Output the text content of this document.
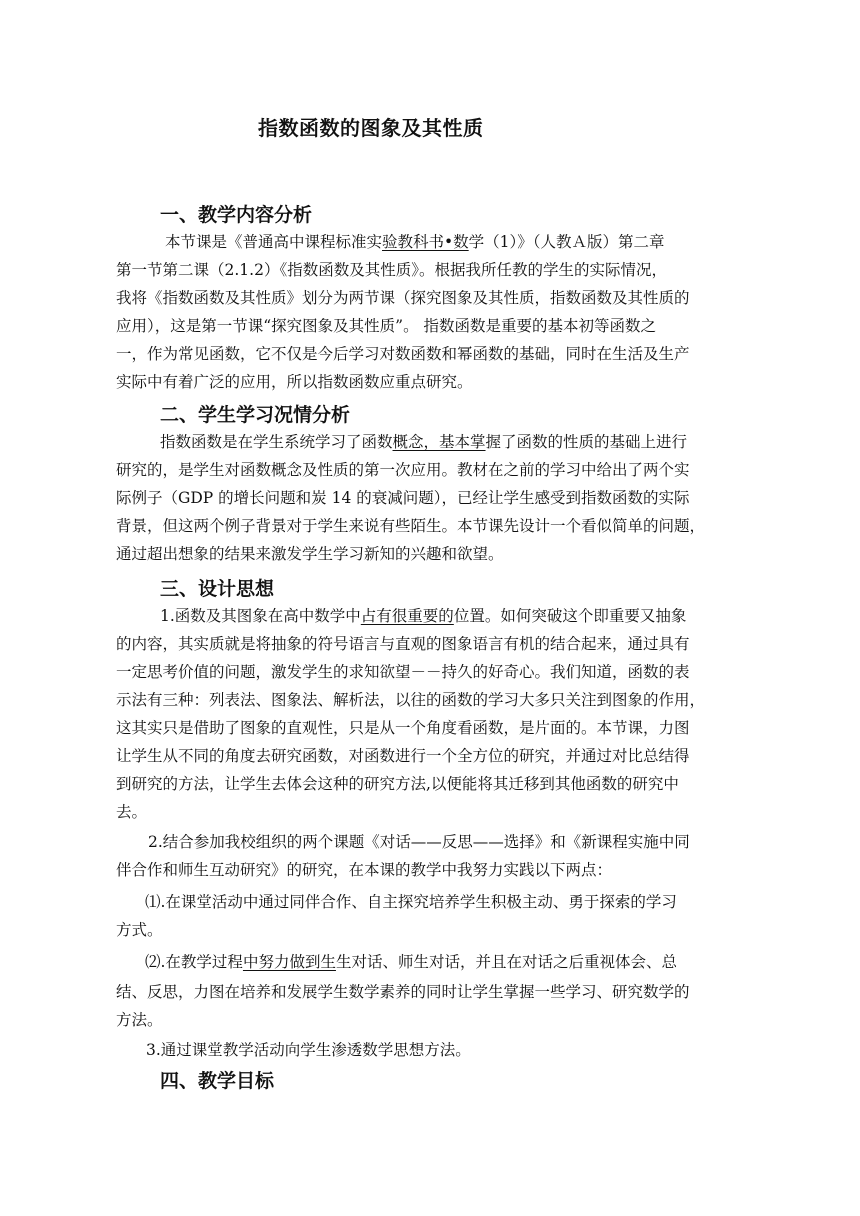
指数函数的图象及其性质
一、教学内容分析
本节课是《普通高中课程标准实验教科书•数学（1）》（人教Ａ版）第二章
第一节第二课（2.1.2）《指数函数及其性质》。根据我所任教的学生的实际情况，
我将《指数函数及其性质》划分为两节课（探究图象及其性质，指数函数及其性质的
应用），这是第一节课“探究图象及其性质”。 指数函数是重要的基本初等函数之
一，作为常见函数，它不仅是今后学习对数函数和幂函数的基础，同时在生活及生产
实际中有着广泛的应用，所以指数函数应重点研究。
二、学生学习况情分析
指数函数是在学生系统学习了函数概念，基本掌握了函数的性质的基础上进行
研究的，是学生对函数概念及性质的第一次应用。教材在之前的学习中给出了两个实
际例子（GDP 的增长问题和炭 14 的衰减问题），已经让学生感受到指数函数的实际
背景，但这两个例子背景对于学生来说有些陌生。本节课先设计一个看似简单的问题，
通过超出想象的结果来激发学生学习新知的兴趣和欲望。
三、设计思想
1.函数及其图象在高中数学中占有很重要的位置。如何突破这个即重要又抽象
的内容，其实质就是将抽象的符号语言与直观的图象语言有机的结合起来，通过具有
一定思考价值的问题，激发学生的求知欲望－－持久的好奇心。我们知道，函数的表
示法有三种：列表法、图象法、解析法，以往的函数的学习大多只关注到图象的作用，
这其实只是借助了图象的直观性，只是从一个角度看函数，是片面的。本节课，力图
让学生从不同的角度去研究函数，对函数进行一个全方位的研究，并通过对比总结得
到研究的方法，让学生去体会这种的研究方法,以便能将其迁移到其他函数的研究中
去。
2.结合参加我校组织的两个课题《对话——反思——选择》和《新课程实施中同
伴合作和师生互动研究》的研究，在本课的教学中我努力实践以下两点：
⑴.在课堂活动中通过同伴合作、自主探究培养学生积极主动、勇于探索的学习
方式。
⑵.在教学过程中努力做到生生对话、师生对话，并且在对话之后重视体会、总
结、反思，力图在培养和发展学生数学素养的同时让学生掌握一些学习、研究数学的
方法。
3.通过课堂教学活动向学生渗透数学思想方法。
四、教学目标
